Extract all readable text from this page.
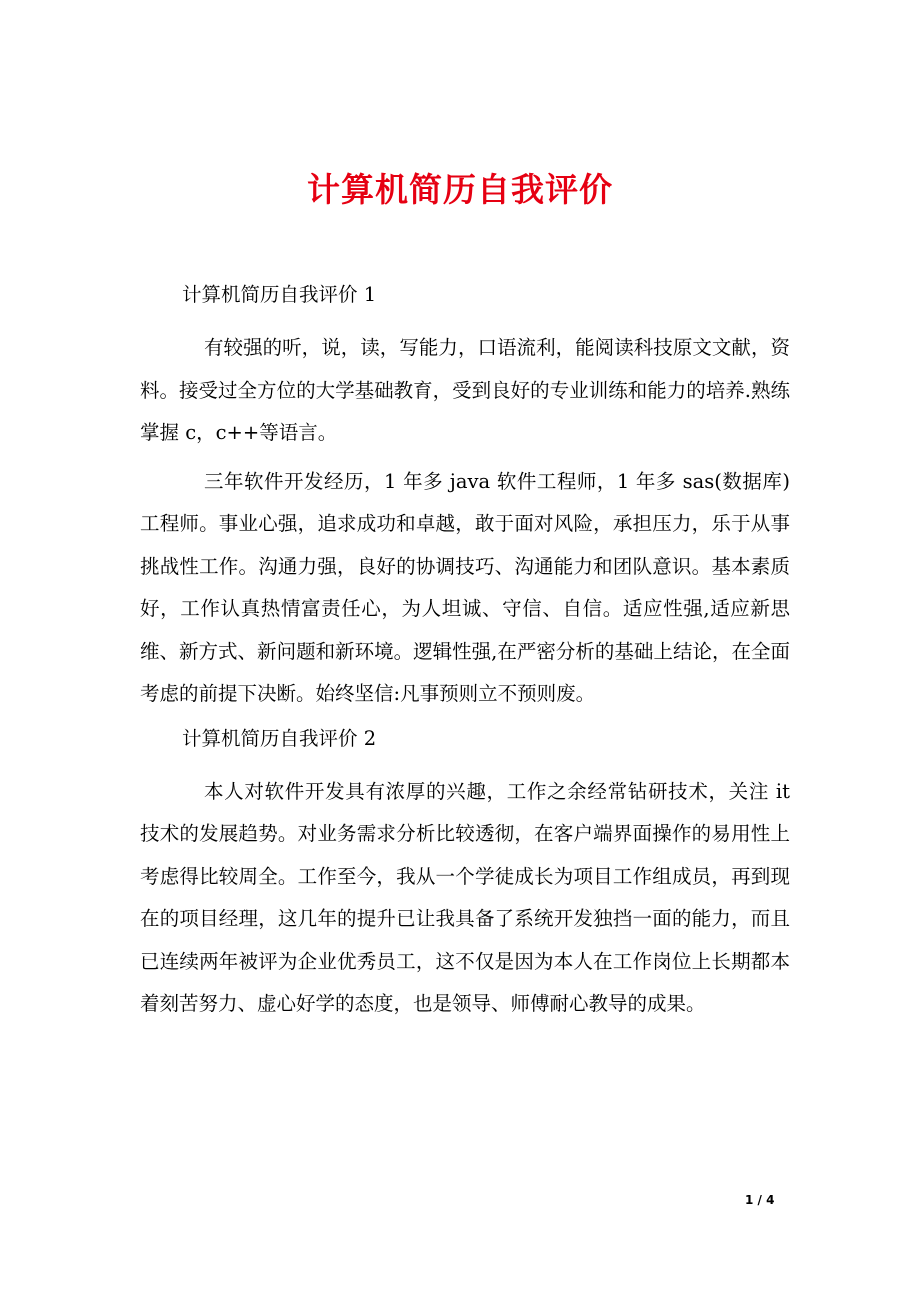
计算机简历自我评价

计算机简历自我评价 1

有较强的听，说，读，写能力，口语流利，能阅读科技原文文献，资料。接受过全方位的大学基础教育，受到良好的专业训练和能力的培养.熟练掌握 c，c++等语言。

三年软件开发经历，1 年多 java 软件工程师，1 年多 sas(数据库)工程师。事业心强，追求成功和卓越，敢于面对风险，承担压力，乐于从事挑战性工作。沟通力强，良好的协调技巧、沟通能力和团队意识。基本素质好，工作认真热情富责任心，为人坦诚、守信、自信。适应性强,适应新思维、新方式、新问题和新环境。逻辑性强,在严密分析的基础上结论，在全面考虑的前提下决断。始终坚信:凡事预则立不预则废。

计算机简历自我评价 2

本人对软件开发具有浓厚的兴趣，工作之余经常钻研技术，关注 it 技术的发展趋势。对业务需求分析比较透彻，在客户端界面操作的易用性上考虑得比较周全。工作至今，我从一个学徒成长为项目工作组成员，再到现在的项目经理，这几年的提升已让我具备了系统开发独挡一面的能力，而且已连续两年被评为企业优秀员工，这不仅是因为本人在工作岗位上长期都本着刻苦努力、虚心好学的态度，也是领导、师傅耐心教导的成果。

1 / 4
